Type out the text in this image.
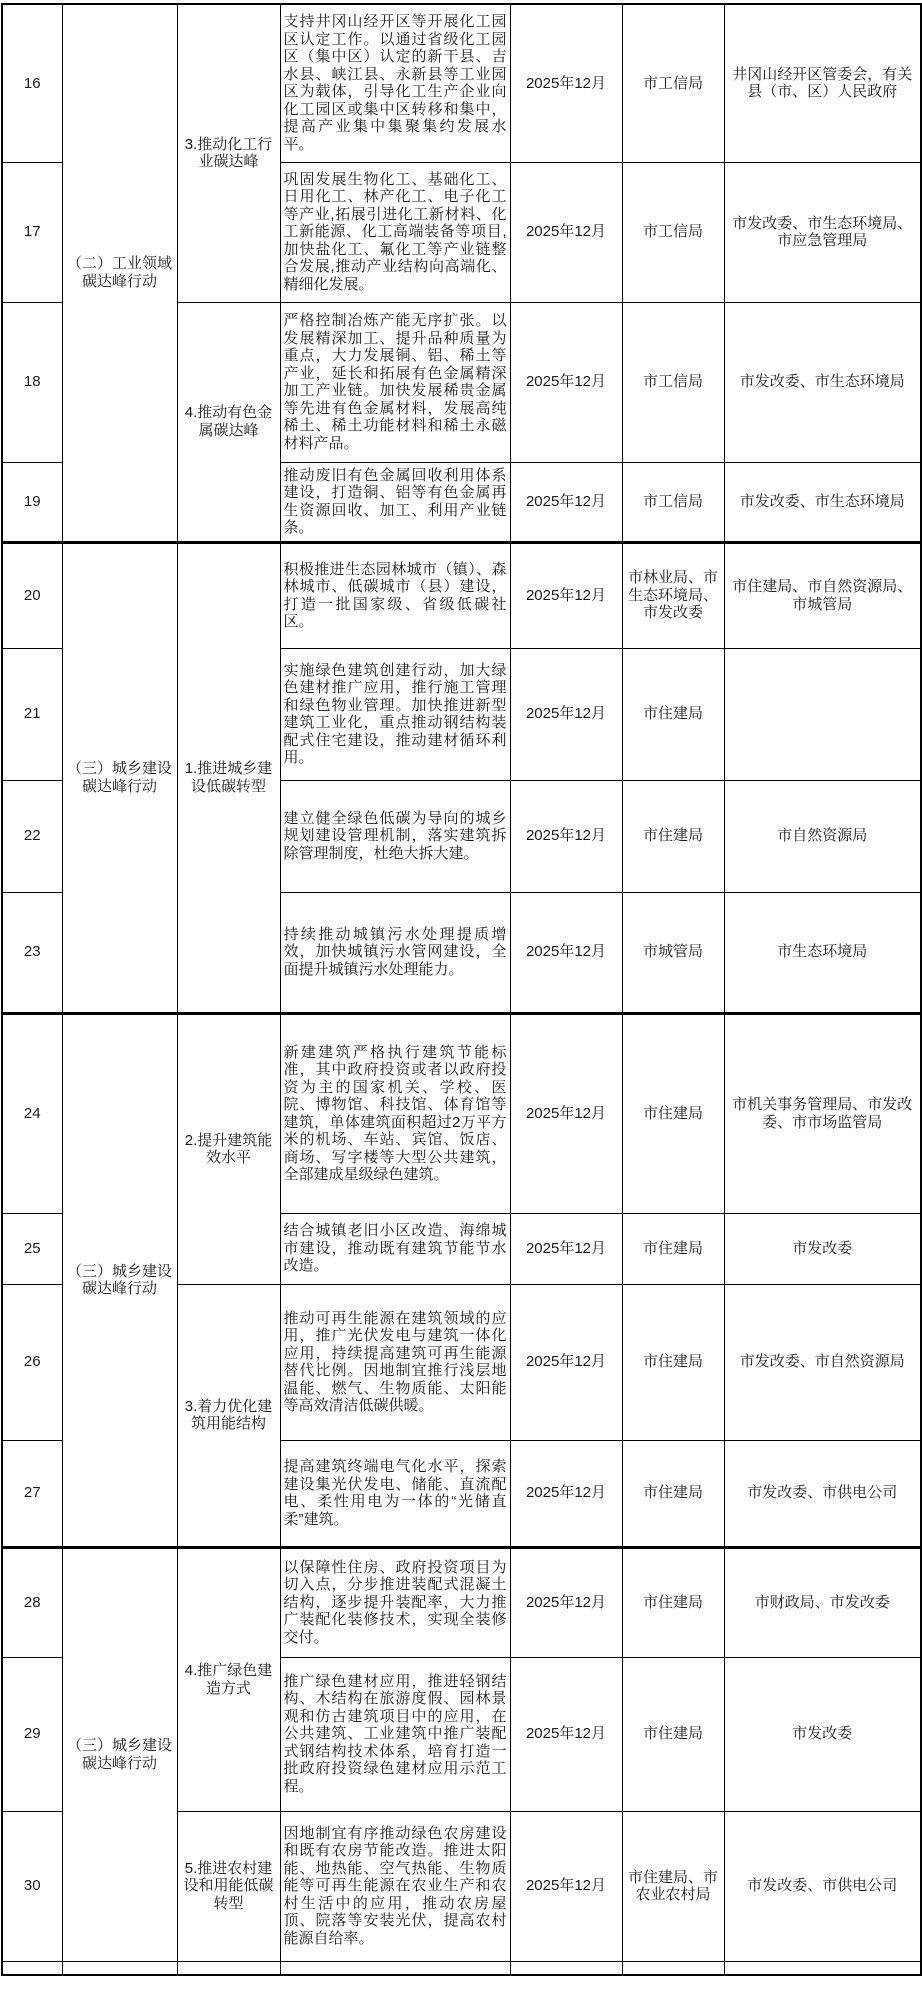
16	（二）工业领域碳达峰行动	3.推动化工行业碳达峰	支持井冈山经开区等开展化工园区认定工作。以通过省级化工园区（集中区）认定的新干县、吉水县、峡江县、永新县等工业园区为载体，引导化工生产企业向化工园区或集中区转移和集中，提高产业集中集聚集约发展水平。	2025年12月	市工信局	井冈山经开区管委会，有关县（市、区）人民政府
17			巩固发展生物化工、基础化工、日用化工、林产化工、电子化工等产业,拓展引进化工新材料、化工新能源、化工高端装备等项目,加快盐化工、氟化工等产业链整合发展,推动产业结构向高端化、精细化发展。	2025年12月	市工信局	市发改委、市生态环境局、市应急管理局
18		4.推动有色金属碳达峰	严格控制冶炼产能无序扩张。以发展精深加工、提升品种质量为重点，大力发展铜、铝、稀土等产业，延长和拓展有色金属精深加工产业链。加快发展稀贵金属等先进有色金属材料，发展高纯稀土、稀土功能材料和稀土永磁材料产品。	2025年12月	市工信局	市发改委、市生态环境局
19			推动废旧有色金属回收利用体系建设，打造铜、铝等有色金属再生资源回收、加工、利用产业链条。	2025年12月	市工信局	市发改委、市生态环境局
20	（三）城乡建设碳达峰行动	1.推进城乡建设低碳转型	积极推进生态园林城市（镇）、森林城市、低碳城市（县）建设，打造一批国家级、省级低碳社区。	2025年12月	市林业局、市生态环境局、市发改委	市住建局、市自然资源局、市城管局
21			实施绿色建筑创建行动，加大绿色建材推广应用，推行施工管理和绿色物业管理。加快推进新型建筑工业化，重点推动钢结构装配式住宅建设，推动建材循环利用。	2025年12月	市住建局	
22			建立健全绿色低碳为导向的城乡规划建设管理机制，落实建筑拆除管理制度，杜绝大拆大建。	2025年12月	市住建局	市自然资源局
23			持续推动城镇污水处理提质增效，加快城镇污水管网建设，全面提升城镇污水处理能力。	2025年12月	市城管局	市生态环境局
24	（三）城乡建设碳达峰行动	2.提升建筑能效水平	新建建筑严格执行建筑节能标准，其中政府投资或者以政府投资为主的国家机关、学校、医院、博物馆、科技馆、体育馆等建筑，单体建筑面积超过2万平方米的机场、车站、宾馆、饭店、商场、写字楼等大型公共建筑，全部建成星级绿色建筑。	2025年12月	市住建局	市机关事务管理局、市发改委、市市场监管局
25			结合城镇老旧小区改造、海绵城市建设，推动既有建筑节能节水改造。	2025年12月	市住建局	市发改委
26		3.着力优化建筑用能结构	推动可再生能源在建筑领域的应用，推广光伏发电与建筑一体化应用，持续提高建筑可再生能源替代比例。因地制宜推行浅层地温能、燃气、生物质能、太阳能等高效清洁低碳供暖。	2025年12月	市住建局	市发改委、市自然资源局
27			提高建筑终端电气化水平，探索建设集光伏发电、储能、直流配电、柔性用电为一体的“光储直柔”建筑。	2025年12月	市住建局	市发改委、市供电公司
28	（三）城乡建设碳达峰行动	4.推广绿色建造方式	以保障性住房、政府投资项目为切入点，分步推进装配式混凝土结构，逐步提升装配率，大力推广装配化装修技术，实现全装修交付。	2025年12月	市住建局	市财政局、市发改委
29			推广绿色建材应用，推进轻钢结构、木结构在旅游度假、园林景观和仿古建筑项目中的应用，在公共建筑、工业建筑中推广装配式钢结构技术体系，培育打造一批政府投资绿色建材应用示范工程。	2025年12月	市住建局	市发改委
30		5.推进农村建设和用能低碳转型	因地制宜有序推动绿色农房建设和既有农房节能改造。推进太阳能、地热能、空气热能、生物质能等可再生能源在农业生产和农村生活中的应用，推动农房屋顶、院落等安装光伏，提高农村能源自给率。	2025年12月	市住建局、市农业农村局	市发改委、市供电公司
